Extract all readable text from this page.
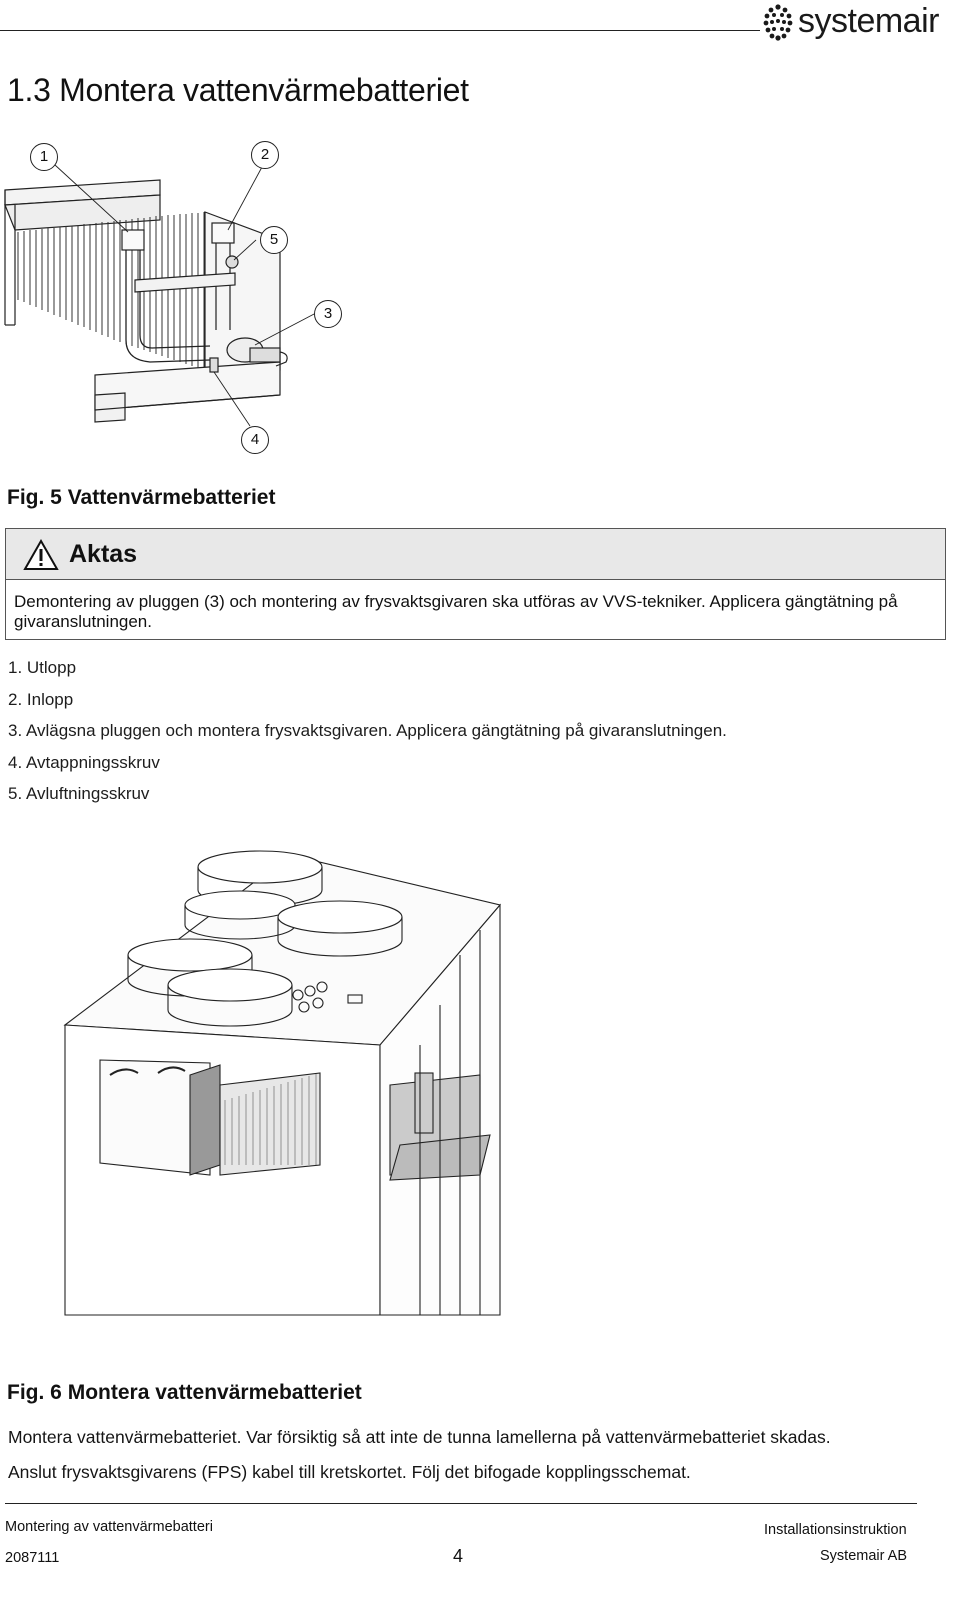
systemair
1.3 Montera vattenvärmebatteriet
1	2
5
3
4
Fig. 5 Vattenvärmebatteriet
Aktas
Demontering av pluggen (3) och montering av frysvaktsgivaren ska utföras av VVS-tekniker. Applicera gängtätning på givaranslutningen.
1. Utlopp
2. Inlopp
3. Avlägsna pluggen och montera frysvaktsgivaren. Applicera gängtätning på givaranslutningen.
4. Avtappningsskruv
5. Avluftningsskruv
Fig. 6 Montera vattenvärmebatteriet
Montera vattenvärmebatteriet. Var försiktig så att inte de tunna lamellerna på vattenvärmebatteriet skadas.
Anslut frysvaktsgivarens (FPS) kabel till kretskortet. Följ det bifogade kopplingsschemat.
Montering av vattenvärmebatteri	Installationsinstruktion
2087111	4	Systemair AB
